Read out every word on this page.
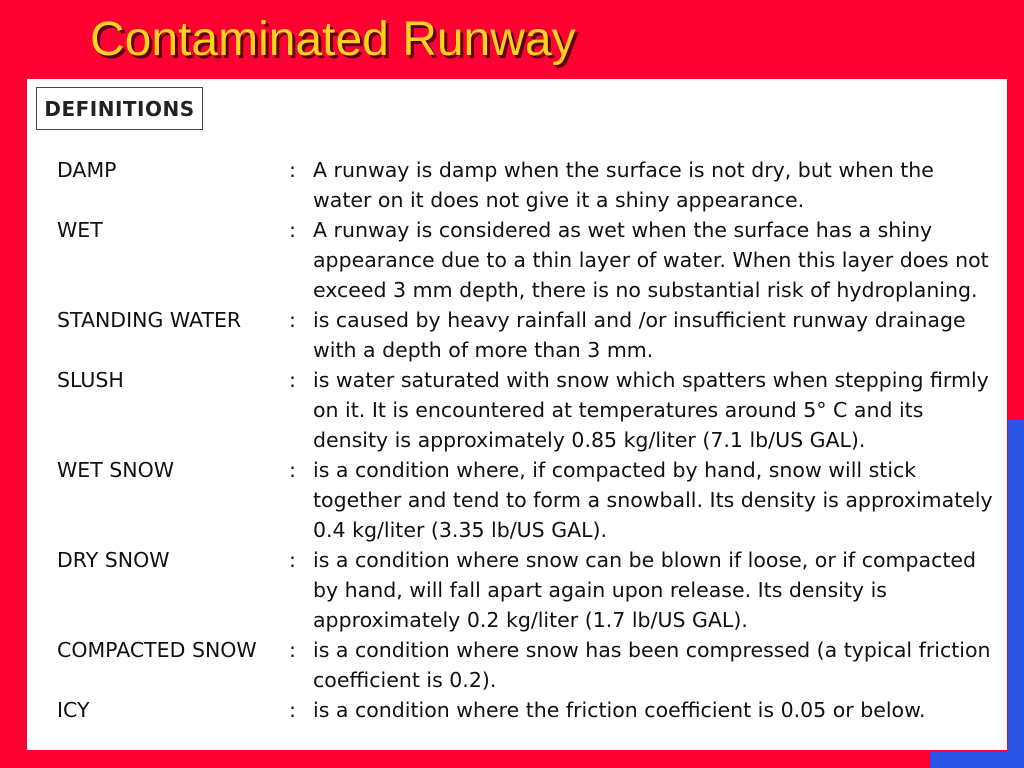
Contaminated Runway
DEFINITIONS
DAMP	: A runway is damp when the surface is not dry, but when the water on it does not give it a shiny appearance.
WET	: A runway is considered as wet when the surface has a shiny appearance due to a thin layer of water. When this layer does not exceed 3 mm depth, there is no substantial risk of hydroplaning.
STANDING WATER	: is caused by heavy rainfall and /or insufficient runway drainage with a depth of more than 3 mm.
SLUSH	: is water saturated with snow which spatters when stepping firmly on it. It is encountered at temperatures around 5° C and its density is approximately 0.85 kg/liter (7.1 lb/US GAL).
WET SNOW	: is a condition where, if compacted by hand, snow will stick together and tend to form a snowball. Its density is approximately 0.4 kg/liter (3.35 lb/US GAL).
DRY SNOW	: is a condition where snow can be blown if loose, or if compacted by hand, will fall apart again upon release. Its density is approximately 0.2 kg/liter (1.7 lb/US GAL).
COMPACTED SNOW	: is a condition where snow has been compressed (a typical friction coefficient is 0.2).
ICY	: is a condition where the friction coefficient is 0.05 or below.
